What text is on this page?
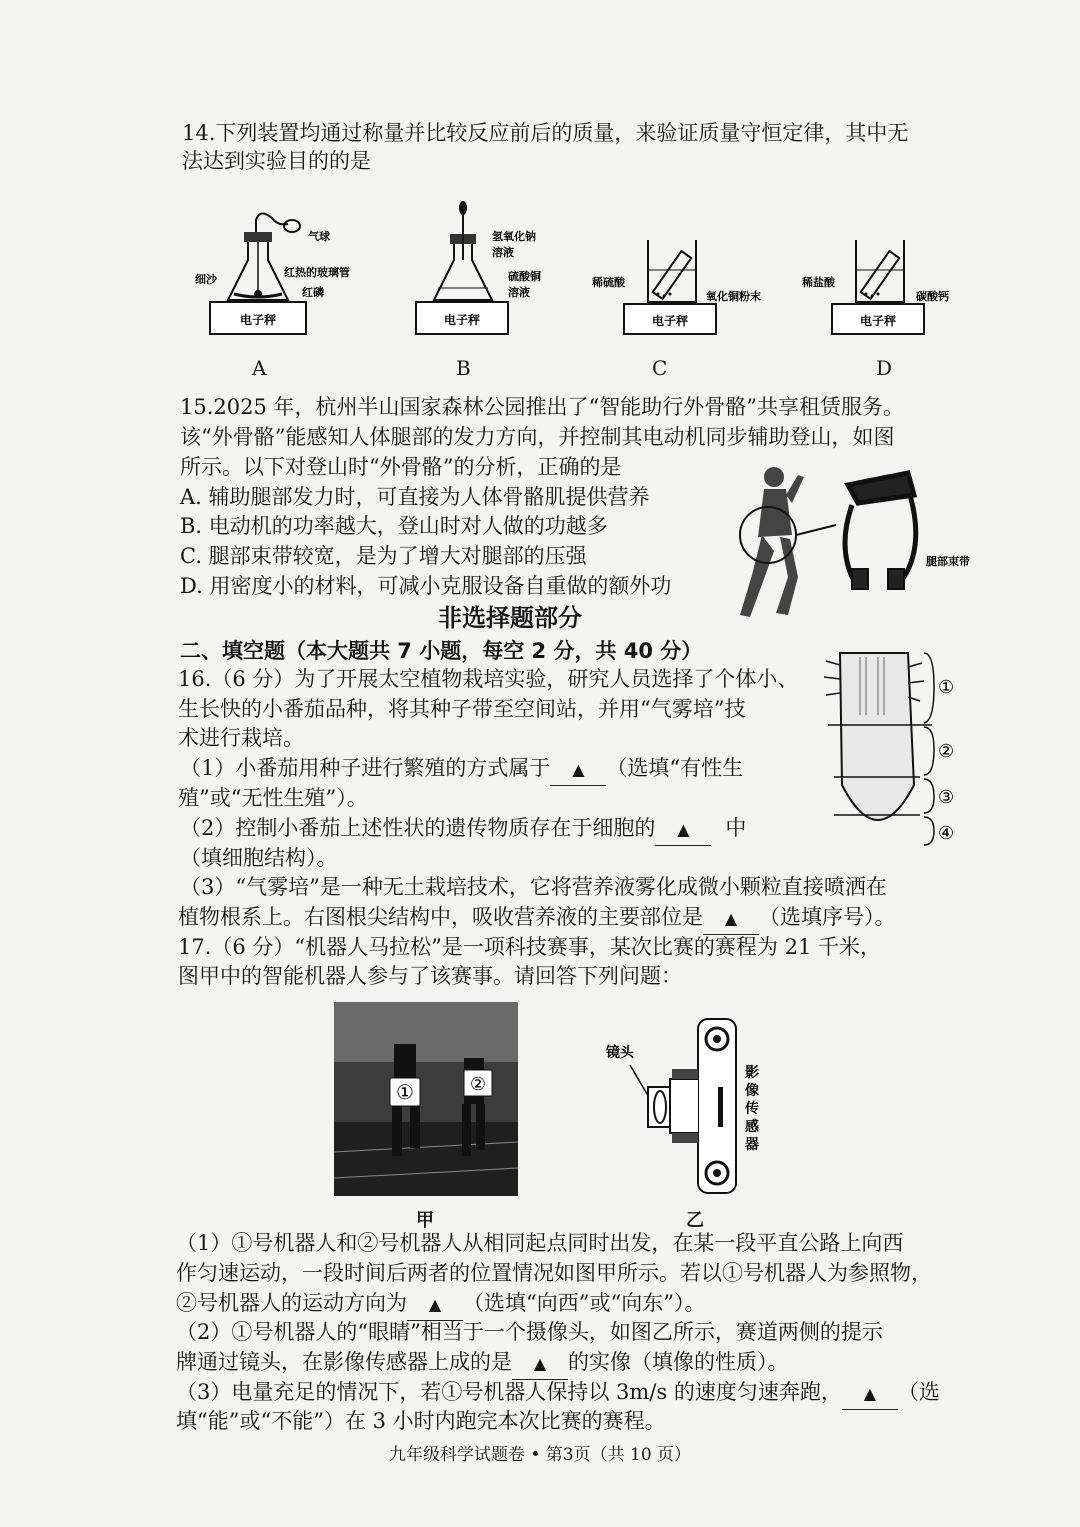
14.下列装置均通过称量并比较反应前后的质量，来验证质量守恒定律，其中无
法达到实验目的的是
电子秤
气球
细沙
红热的玻璃管
红磷
电子秤
氢氧化钠
溶液
硫酸铜
溶液
电子秤
稀硫酸
氧化铜粉末
电子秤
稀盐酸
碳酸钙
A	B	C	D
15.2025 年，杭州半山国家森林公园推出了“智能助行外骨骼”共享租赁服务。
该“外骨骼”能感知人体腿部的发力方向，并控制其电动机同步辅助登山，如图
所示。以下对登山时“外骨骼”的分析，正确的是
A. 辅助腿部发力时，可直接为人体骨骼肌提供营养
B. 电动机的功率越大，登山时对人做的功越多
C. 腿部束带较宽，是为了增大对腿部的压强
D. 用密度小的材料，可减小克服设备自重做的额外功
腿部束带
非选择题部分
二、填空题（本大题共 7 小题，每空 2 分，共 40 分）
16.（6 分）为了开展太空植物栽培实验，研究人员选择了个体小、
生长快的小番茄品种，将其种子带至空间站，并用“气雾培”技
术进行栽培。
（1）小番茄用种子进行繁殖的方式属于 ▲ （选填“有性生
殖”或“无性生殖”）。
（2）控制小番茄上述性状的遗传物质存在于细胞的 ▲ 中
（填细胞结构）。
（3）“气雾培”是一种无土栽培技术，它将营养液雾化成微小颗粒直接喷洒在
植物根系上。右图根尖结构中，吸收营养液的主要部位是 ▲ （选填序号）。
①
②
③
④
17.（6 分）“机器人马拉松”是一项科技赛事，某次比赛的赛程为 21 千米，
图甲中的智能机器人参与了该赛事。请回答下列问题：
①	②
镜头
影
像
传
感
器
甲	乙
（1）①号机器人和②号机器人从相同起点同时出发，在某一段平直公路上向西
作匀速运动，一段时间后两者的位置情况如图甲所示。若以①号机器人为参照物，
②号机器人的运动方向为 ▲ （选填“向西”或“向东”）。
（2）①号机器人的“眼睛”相当于一个摄像头，如图乙所示，赛道两侧的提示
牌通过镜头，在影像传感器上成的是 ▲ 的实像（填像的性质）。
（3）电量充足的情况下，若①号机器人保持以 3m/s 的速度匀速奔跑， ▲ （选
填“能”或“不能”）在 3 小时内跑完本次比赛的赛程。
九年级科学试题卷 • 第3页（共 10 页）
